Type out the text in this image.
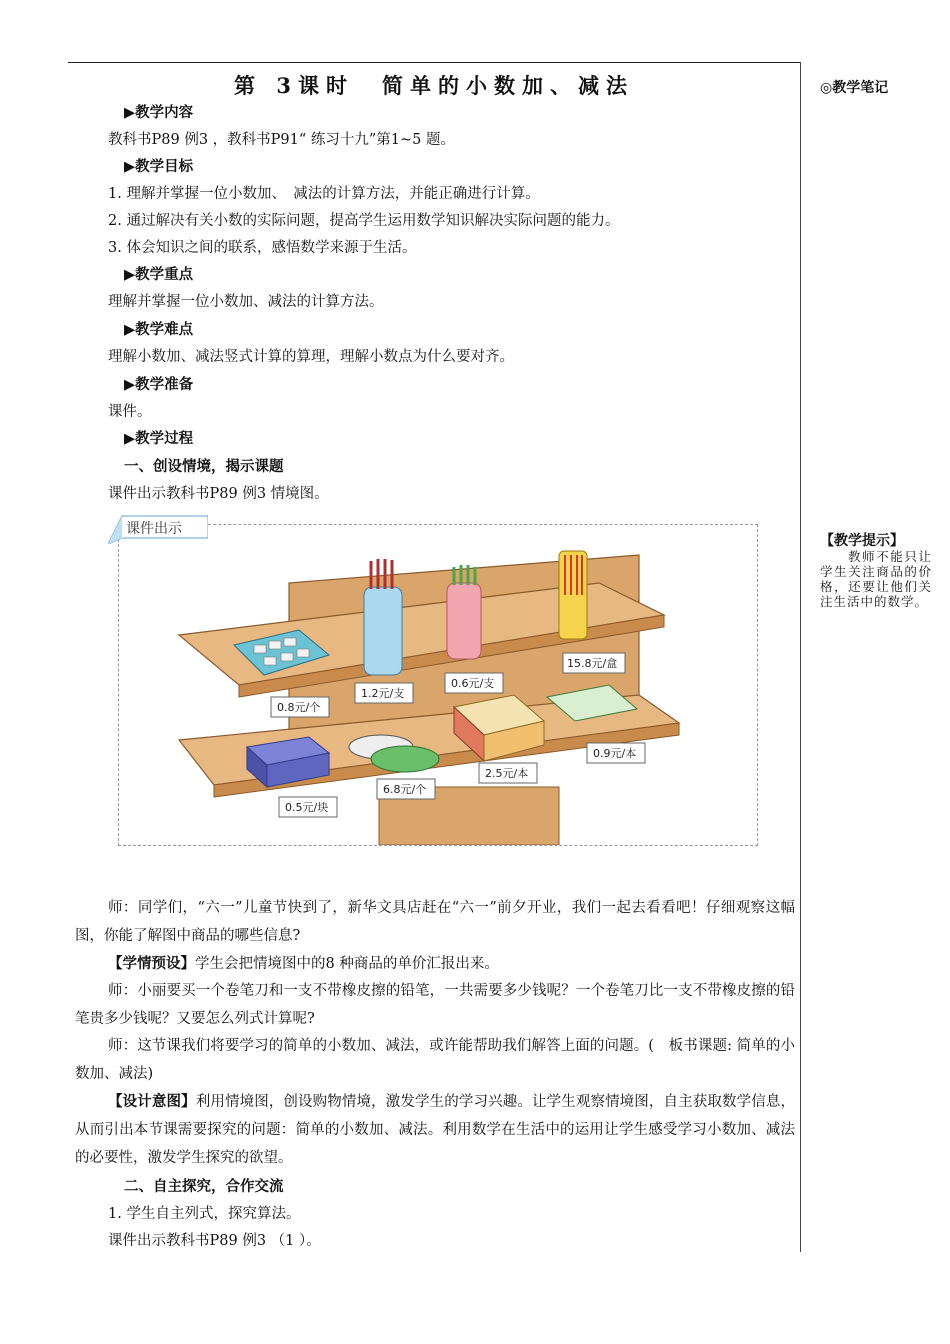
第 3课时　简单的小数加、减法	◎教学笔记
▶教学内容
教科书P89 例3 ，教科书P91“ 练习十九”第1~5 题。
▶教学目标
1. 理解并掌握一位小数加、　减法的计算方法，并能正确进行计算。
2. 通过解决有关小数的实际问题，提高学生运用数学知识解决实际问题的能力。
3. 体会知识之间的联系，感悟数学来源于生活。
▶教学重点
理解并掌握一位小数加、减法的计算方法。
▶教学难点
理解小数加、减法竖式计算的算理，理解小数点为什么要对齐。
▶教学准备
课件。
▶教学过程
一、创设情境，揭示课题
课件出示教科书P89 例3 情境图。
0.8元/个
1.2元/支
0.6元/支
15.8元/盒
0.5元/块
6.8元/个
2.5元/本
0.9元/本
课件出示
师：同学们，“六一”儿童节快到了，新华文具店赶在“六一”前夕开业，我们一起去看看吧！仔细观察这幅图，你能了解图中商品的哪些信息?
【学情预设】学生会把情境图中的8 种商品的单价汇报出来。
师：小丽要买一个卷笔刀和一支不带橡皮擦的铅笔，一共需要多少钱呢？一个卷笔刀比一支不带橡皮擦的铅笔贵多少钱呢？又要怎么列式计算呢?
师：这节课我们将要学习的简单的小数加、减法，或许能帮助我们解答上面的问题。(　板书课题: 简单的小数加、减法)
【设计意图】利用情境图，创设购物情境，激发学生的学习兴趣。让学生观察情境图，自主获取数学信息，从而引出本节课需要探究的问题：简单的小数加、减法。利用数学在生活中的运用让学生感受学习小数加、减法的必要性，激发学生探究的欲望。
二、自主探究，合作交流
1. 学生自主列式，探究算法。
课件出示教科书P89 例3 （1 ）。
【教学提示】
教师不能只让学生关注商品的价格，还要让他们关注生活中的数学。
